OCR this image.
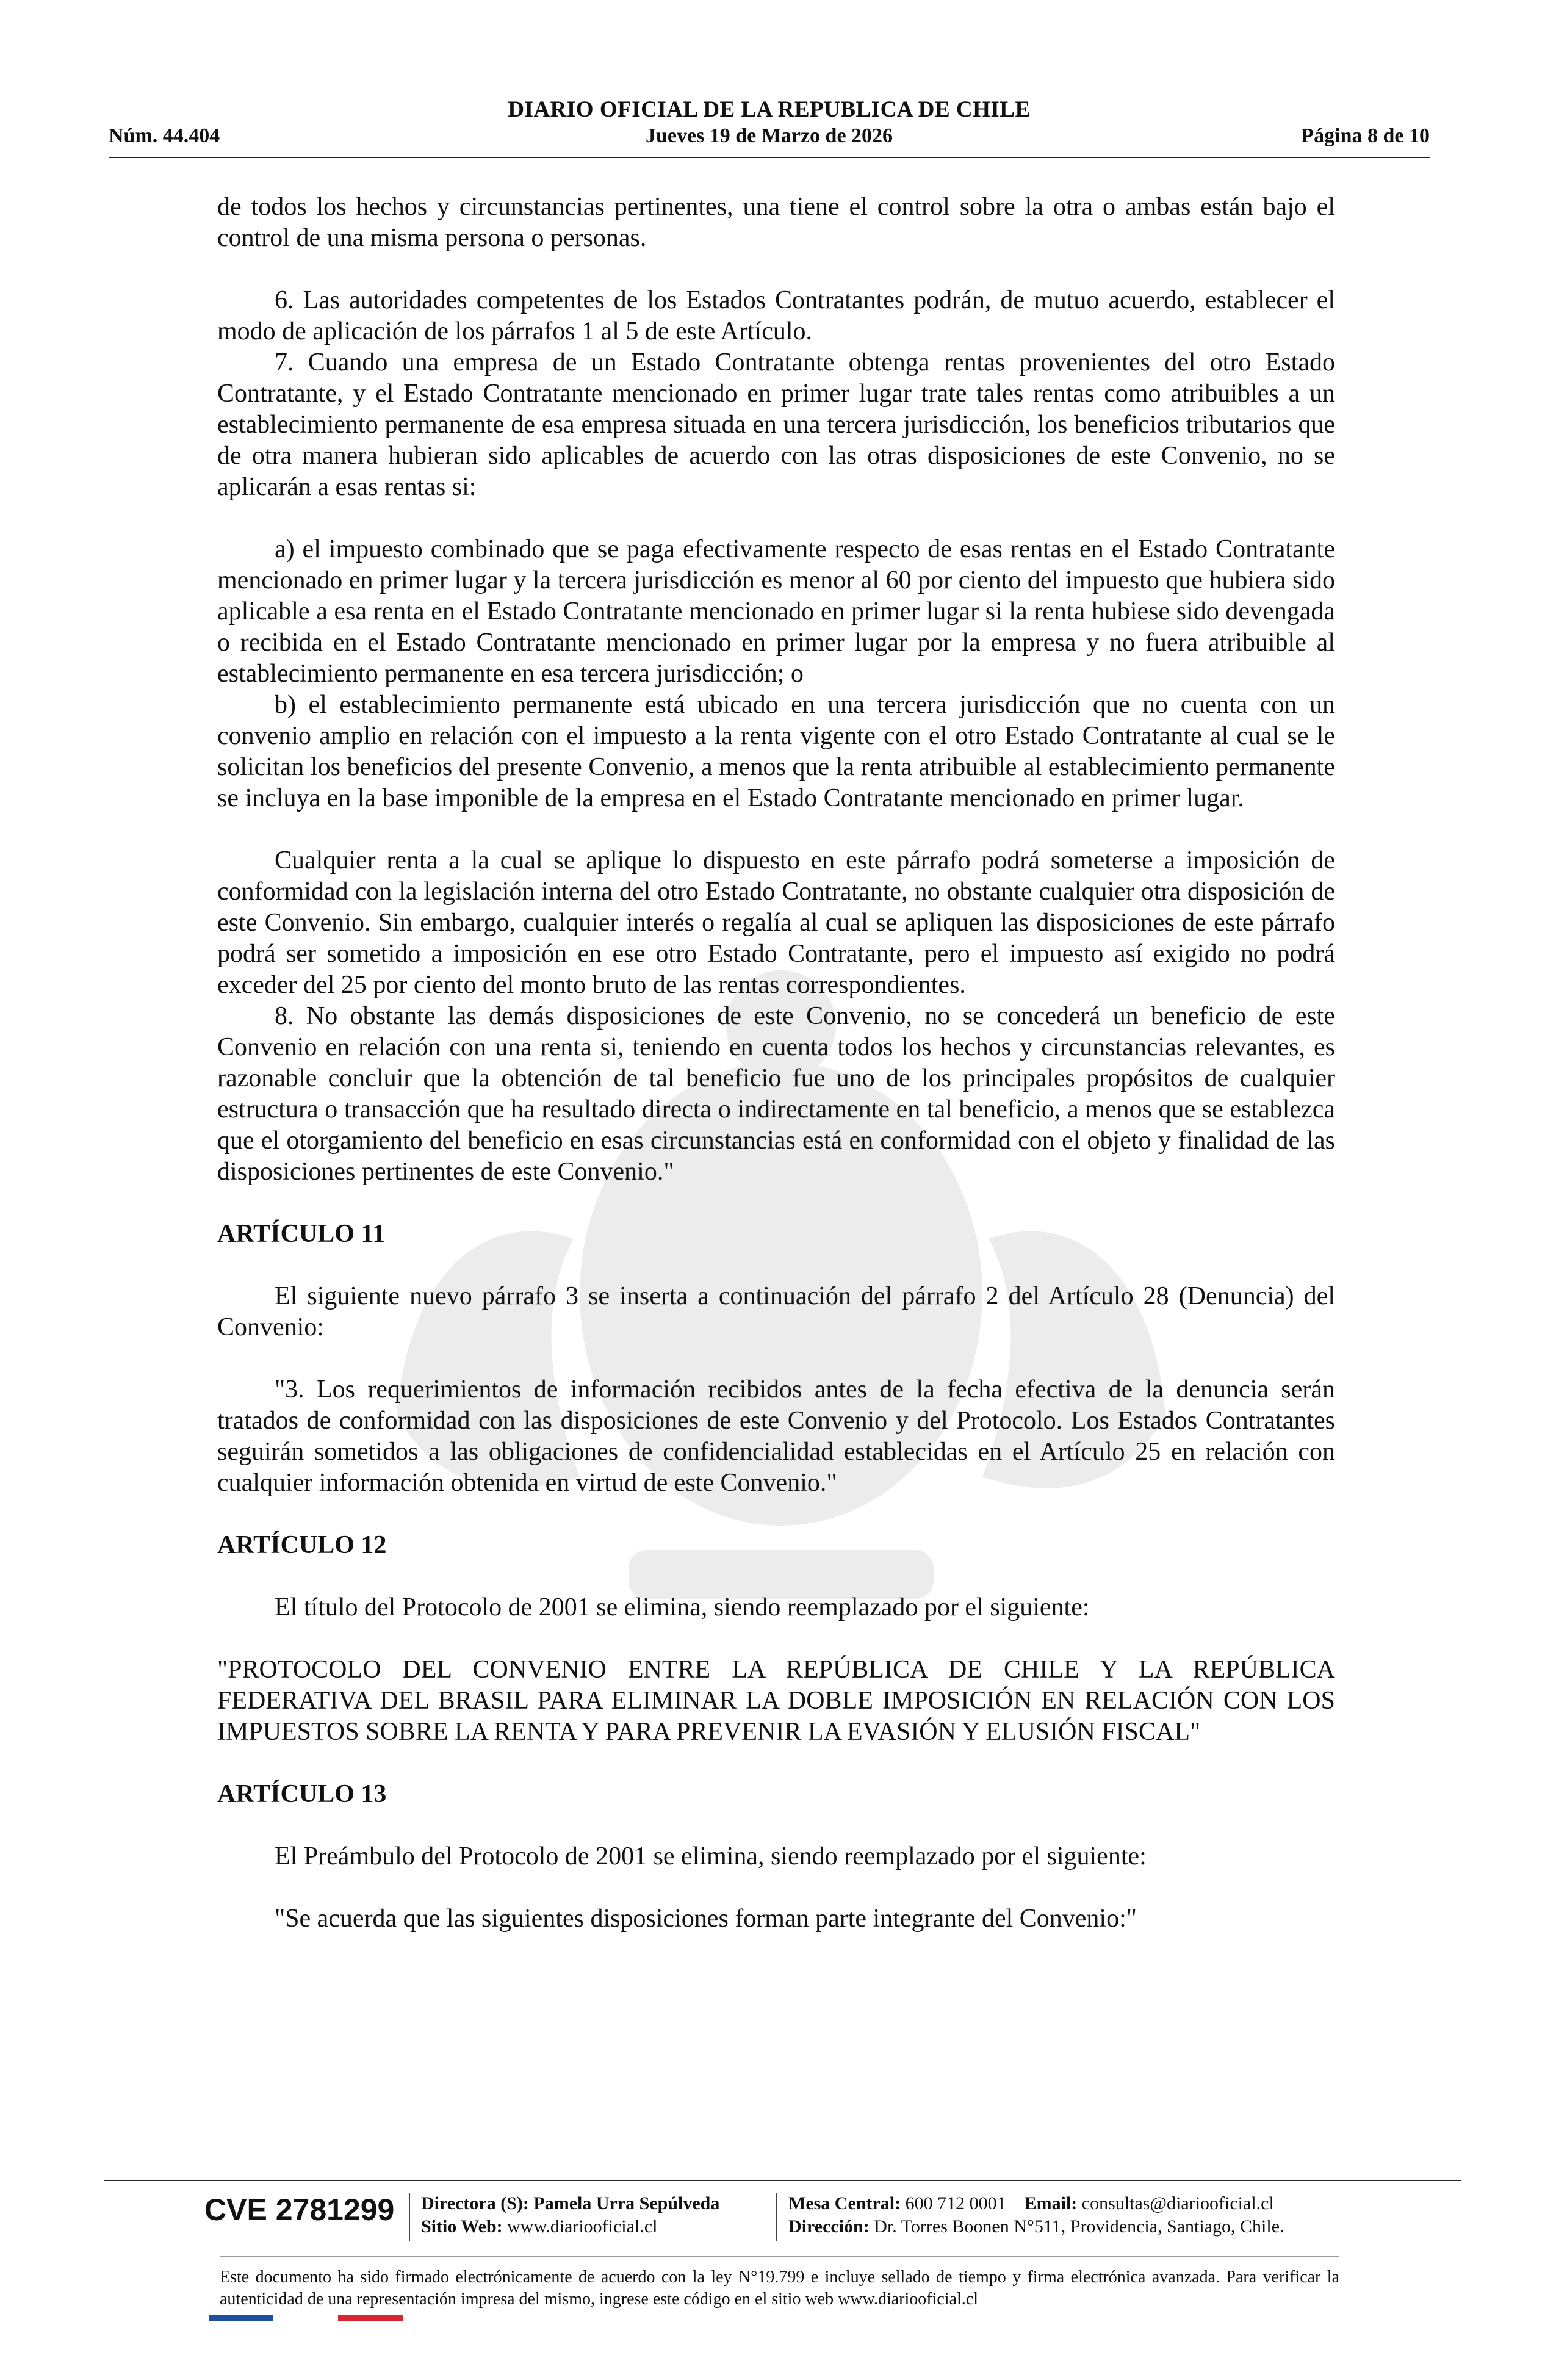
DIARIO OFICIAL DE LA REPUBLICA DE CHILE
Núm. 44.404	Jueves 19 de Marzo de 2026	Página 8 de 10

de todos los hechos y circunstancias pertinentes, una tiene el control sobre la otra o ambas están bajo el control de una misma persona o personas.

6. Las autoridades competentes de los Estados Contratantes podrán, de mutuo acuerdo, establecer el modo de aplicación de los párrafos 1 al 5 de este Artículo.

7. Cuando una empresa de un Estado Contratante obtenga rentas provenientes del otro Estado Contratante, y el Estado Contratante mencionado en primer lugar trate tales rentas como atribuibles a un establecimiento permanente de esa empresa situada en una tercera jurisdicción, los beneficios tributarios que de otra manera hubieran sido aplicables de acuerdo con las otras disposiciones de este Convenio, no se aplicarán a esas rentas si:

a) el impuesto combinado que se paga efectivamente respecto de esas rentas en el Estado Contratante mencionado en primer lugar y la tercera jurisdicción es menor al 60 por ciento del impuesto que hubiera sido aplicable a esa renta en el Estado Contratante mencionado en primer lugar si la renta hubiese sido devengada o recibida en el Estado Contratante mencionado en primer lugar por la empresa y no fuera atribuible al establecimiento permanente en esa tercera jurisdicción; o

b) el establecimiento permanente está ubicado en una tercera jurisdicción que no cuenta con un convenio amplio en relación con el impuesto a la renta vigente con el otro Estado Contratante al cual se le solicitan los beneficios del presente Convenio, a menos que la renta atribuible al establecimiento permanente se incluya en la base imponible de la empresa en el Estado Contratante mencionado en primer lugar.

Cualquier renta a la cual se aplique lo dispuesto en este párrafo podrá someterse a imposición de conformidad con la legislación interna del otro Estado Contratante, no obstante cualquier otra disposición de este Convenio. Sin embargo, cualquier interés o regalía al cual se apliquen las disposiciones de este párrafo podrá ser sometido a imposición en ese otro Estado Contratante, pero el impuesto así exigido no podrá exceder del 25 por ciento del monto bruto de las rentas correspondientes.

8. No obstante las demás disposiciones de este Convenio, no se concederá un beneficio de este Convenio en relación con una renta si, teniendo en cuenta todos los hechos y circunstancias relevantes, es razonable concluir que la obtención de tal beneficio fue uno de los principales propósitos de cualquier estructura o transacción que ha resultado directa o indirectamente en tal beneficio, a menos que se establezca que el otorgamiento del beneficio en esas circunstancias está en conformidad con el objeto y finalidad de las disposiciones pertinentes de este Convenio."

ARTÍCULO 11

El siguiente nuevo párrafo 3 se inserta a continuación del párrafo 2 del Artículo 28 (Denuncia) del Convenio:

"3. Los requerimientos de información recibidos antes de la fecha efectiva de la denuncia serán tratados de conformidad con las disposiciones de este Convenio y del Protocolo. Los Estados Contratantes seguirán sometidos a las obligaciones de confidencialidad establecidas en el Artículo 25 en relación con cualquier información obtenida en virtud de este Convenio."

ARTÍCULO 12

El título del Protocolo de 2001 se elimina, siendo reemplazado por el siguiente:

"PROTOCOLO DEL CONVENIO ENTRE LA REPÚBLICA DE CHILE Y LA REPÚBLICA FEDERATIVA DEL BRASIL PARA ELIMINAR LA DOBLE IMPOSICIÓN EN RELACIÓN CON LOS IMPUESTOS SOBRE LA RENTA Y PARA PREVENIR LA EVASIÓN Y ELUSIÓN FISCAL"

ARTÍCULO 13

El Preámbulo del Protocolo de 2001 se elimina, siendo reemplazado por el siguiente:

"Se acuerda que las siguientes disposiciones forman parte integrante del Convenio:"

CVE 2781299 Directora (S): Pamela Urra Sepúlveda
Sitio Web: www.diariooficial.cl
Mesa Central: 600 712 0001 Email: consultas@diariooficial.cl
Dirección: Dr. Torres Boonen N°511, Providencia, Santiago, Chile.
Este documento ha sido firmado electrónicamente de acuerdo con la ley N°19.799 e incluye sellado de tiempo y firma electrónica avanzada. Para verificar la autenticidad de una representación impresa del mismo, ingrese este código en el sitio web www.diariooficial.cl
